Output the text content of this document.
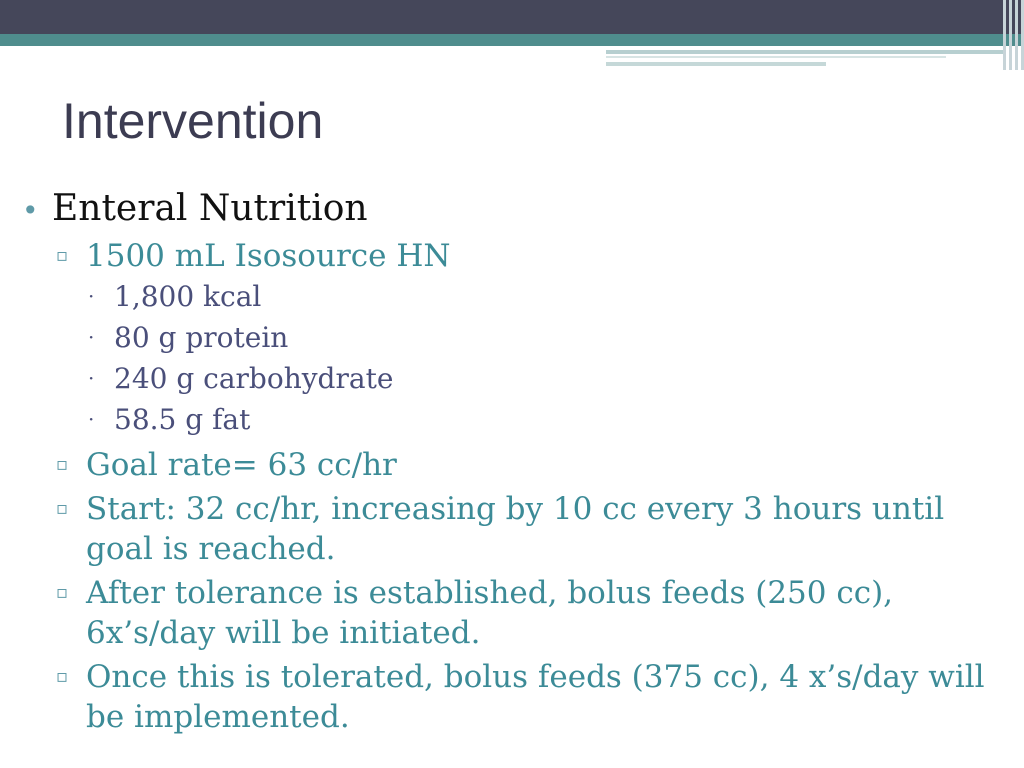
Intervention
• Enteral Nutrition
▫ 1500 mL Isosource HN
· 1,800 kcal
· 80 g protein
· 240 g carbohydrate
· 58.5 g fat
▫ Goal rate= 63 cc/hr
▫ Start: 32 cc/hr, increasing by 10 cc every 3 hours until goal is reached.
▫ After tolerance is established, bolus feeds (250 cc), 6x’s/day will be initiated.
▫ Once this is tolerated, bolus feeds (375 cc), 4 x’s/day will be implemented.
